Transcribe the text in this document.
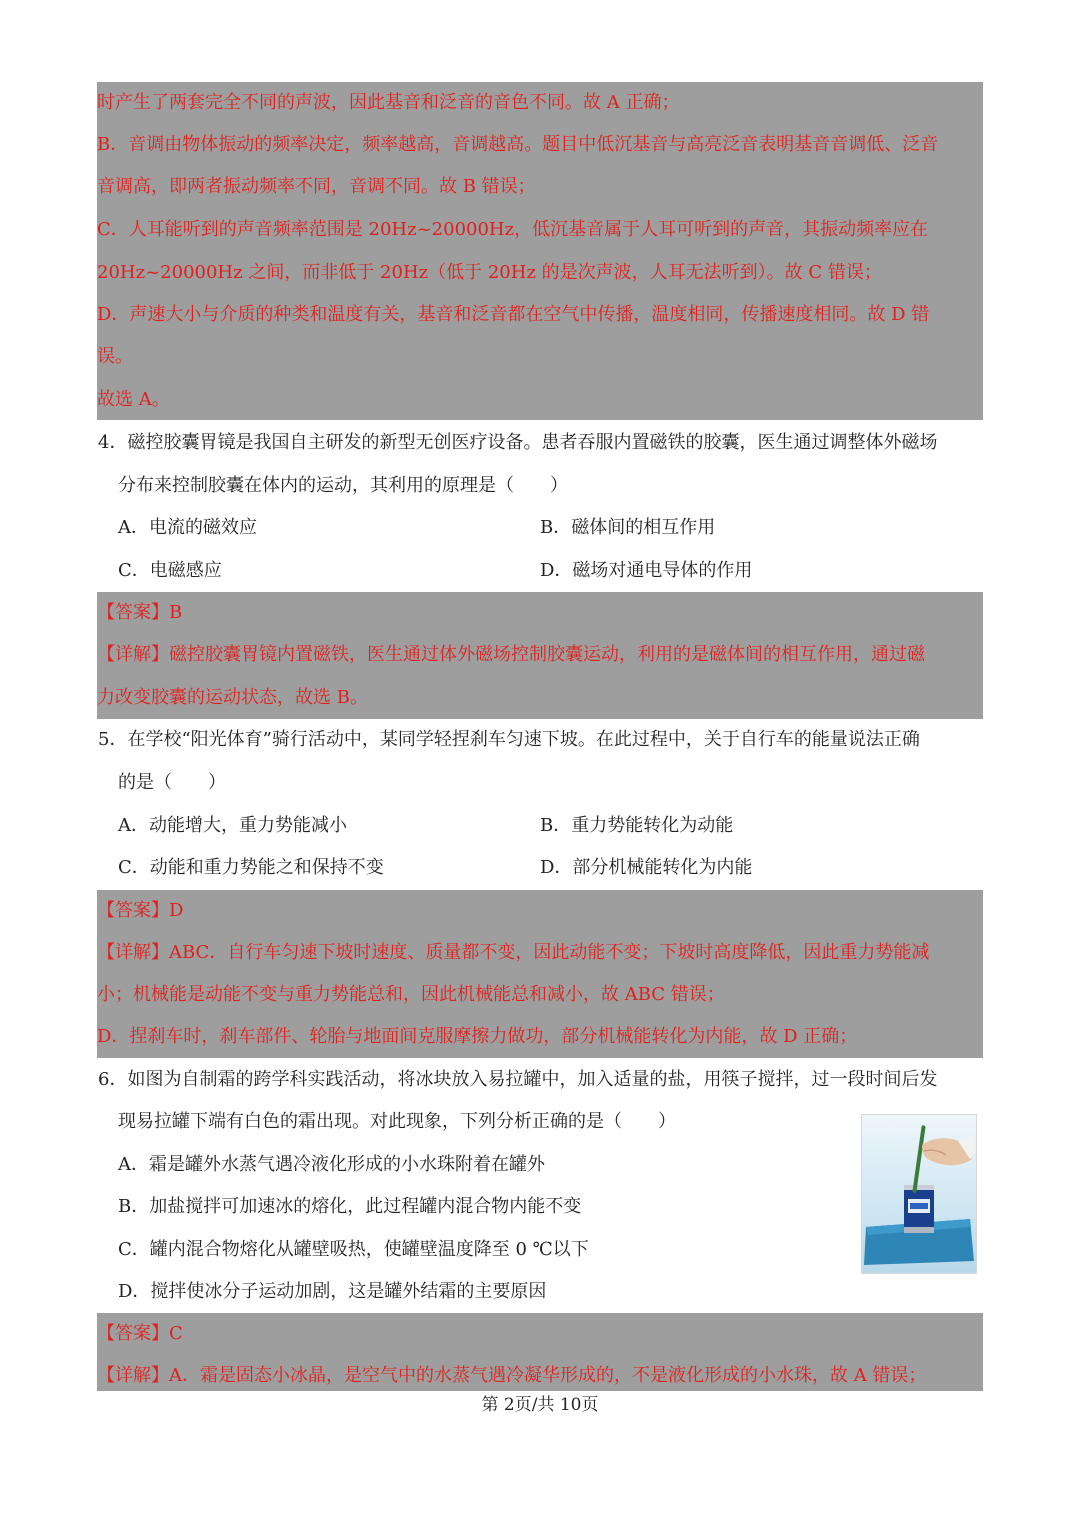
时产生了两套完全不同的声波，因此基音和泛音的音色不同。故 A 正确；
B．音调由物体振动的频率决定，频率越高，音调越高。题目中低沉基音与高亮泛音表明基音音调低、泛音
音调高，即两者振动频率不同，音调不同。故 B 错误；
C．人耳能听到的声音频率范围是 20Hz~20000Hz，低沉基音属于人耳可听到的声音，其振动频率应在
20Hz~20000Hz 之间，而非低于 20Hz（低于 20Hz 的是次声波，人耳无法听到）。故 C 错误；
D．声速大小与介质的种类和温度有关，基音和泛音都在空气中传播，温度相同，传播速度相同。故 D 错
误。
故选 A。
4．磁控胶囊胃镜是我国自主研发的新型无创医疗设备。患者吞服内置磁铁的胶囊，医生通过调整体外磁场
分布来控制胶囊在体内的运动，其利用的原理是（　　）
A．电流的磁效应	B．磁体间的相互作用
C．电磁感应	D．磁场对通电导体的作用
【答案】B
【详解】磁控胶囊胃镜内置磁铁，医生通过体外磁场控制胶囊运动，利用的是磁体间的相互作用，通过磁
力改变胶囊的运动状态，故选 B。
5．在学校“阳光体育”骑行活动中，某同学轻捏刹车匀速下坡。在此过程中，关于自行车的能量说法正确
的是（　　）
A．动能增大，重力势能减小	B．重力势能转化为动能
C．动能和重力势能之和保持不变	D．部分机械能转化为内能
【答案】D
【详解】ABC．自行车匀速下坡时速度、质量都不变，因此动能不变；下坡时高度降低，因此重力势能减
小；机械能是动能不变与重力势能总和，因此机械能总和减小，故 ABC 错误；
D．捏刹车时，刹车部件、轮胎与地面间克服摩擦力做功，部分机械能转化为内能，故 D 正确；
6．如图为自制霜的跨学科实践活动，将冰块放入易拉罐中，加入适量的盐，用筷子搅拌，过一段时间后发
现易拉罐下端有白色的霜出现。对此现象，下列分析正确的是（　　）
A．霜是罐外水蒸气遇冷液化形成的小水珠附着在罐外
B．加盐搅拌可加速冰的熔化，此过程罐内混合物内能不变
C．罐内混合物熔化从罐壁吸热，使罐壁温度降至 0 ℃以下
D．搅拌使冰分子运动加剧，这是罐外结霜的主要原因
【答案】C
【详解】A．霜是固态小冰晶，是空气中的水蒸气遇冷凝华形成的，不是液化形成的小水珠，故 A 错误；
第 2页/共 10页
